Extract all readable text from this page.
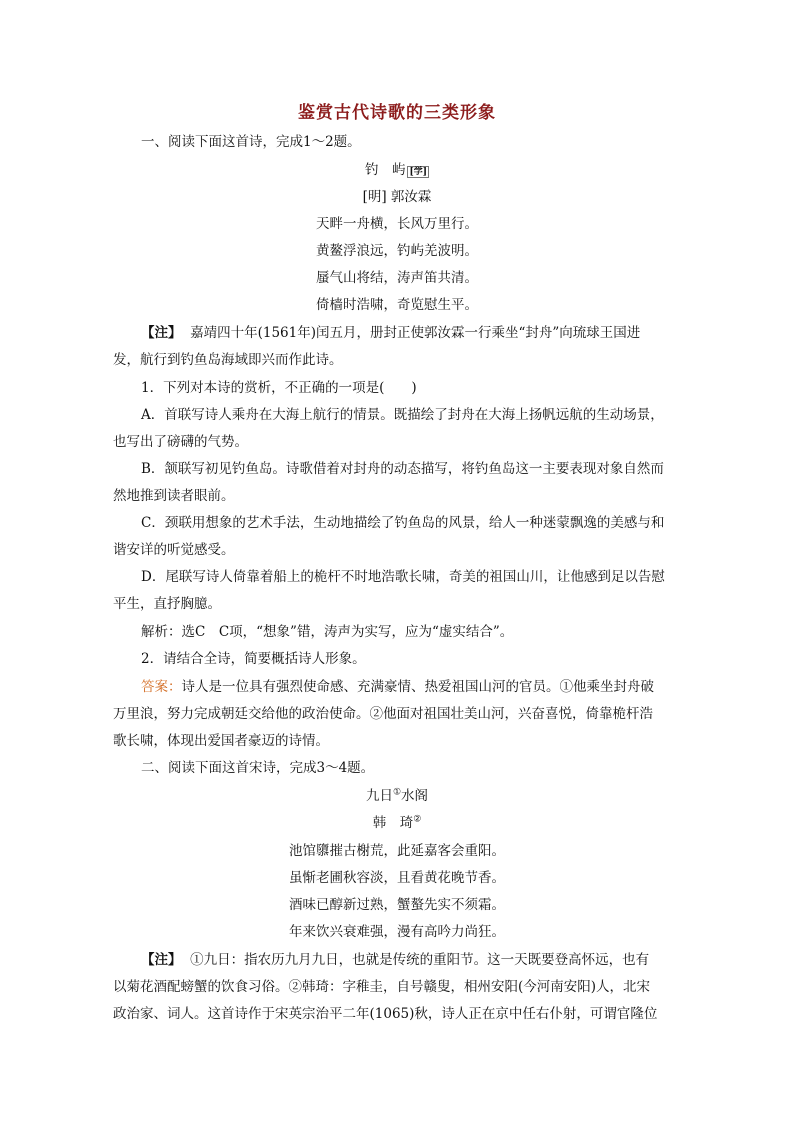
鉴赏古代诗歌的三类形象
一、阅读下面这首诗，完成1～2题。
钓　屿 [学]
[明] 郭汝霖
天畔一舟横，长风万里行。
黄鳌浮浪远，钓屿羌波明。
蜃气山将结，涛声笛共清。
倚樯时浩啸，奇览慰生平。
【注】 嘉靖四十年(1561年)闰五月，册封正使郭汝霖一行乘坐“封舟”向琉球王国进
发，航行到钓鱼岛海域即兴而作此诗。
1．下列对本诗的赏析，不正确的一项是(　　)
A．首联写诗人乘舟在大海上航行的情景。既描绘了封舟在大海上扬帆远航的生动场景，
也写出了磅礴的气势。
B．颔联写初见钓鱼岛。诗歌借着对封舟的动态描写，将钓鱼岛这一主要表现对象自然而
然地推到读者眼前。
C．颈联用想象的艺术手法，生动地描绘了钓鱼岛的风景，给人一种迷蒙飘逸的美感与和
谐安详的听觉感受。
D．尾联写诗人倚靠着船上的桅杆不时地浩歌长啸，奇美的祖国山川，让他感到足以告慰
平生，直抒胸臆。
解析：选C　C项，“想象”错，涛声为实写，应为“虚实结合”。
2．请结合全诗，简要概括诗人形象。
答案：诗人是一位具有强烈使命感、充满豪情、热爱祖国山河的官员。①他乘坐封舟破
万里浪，努力完成朝廷交给他的政治使命。②他面对祖国壮美山河，兴奋喜悦，倚靠桅杆浩
歌长啸，体现出爱国者豪迈的诗情。
二、阅读下面这首宋诗，完成3～4题。
九日①水阁
韩　琦②
池馆隳摧古榭荒，此延嘉客会重阳。
虽惭老圃秋容淡，且看黄花晚节香。
酒味已醇新过熟，蟹螯先实不须霜。
年来饮兴衰难强，漫有高吟力尚狂。
【注】 ①九日：指农历九月九日，也就是传统的重阳节。这一天既要登高怀远，也有
以菊花酒配螃蟹的饮食习俗。②韩琦：字稚圭，自号赣叟，相州安阳(今河南安阳)人，北宋
政治家、词人。这首诗作于宋英宗治平二年(1065)秋，诗人正在京中任右仆射，可谓官隆位
